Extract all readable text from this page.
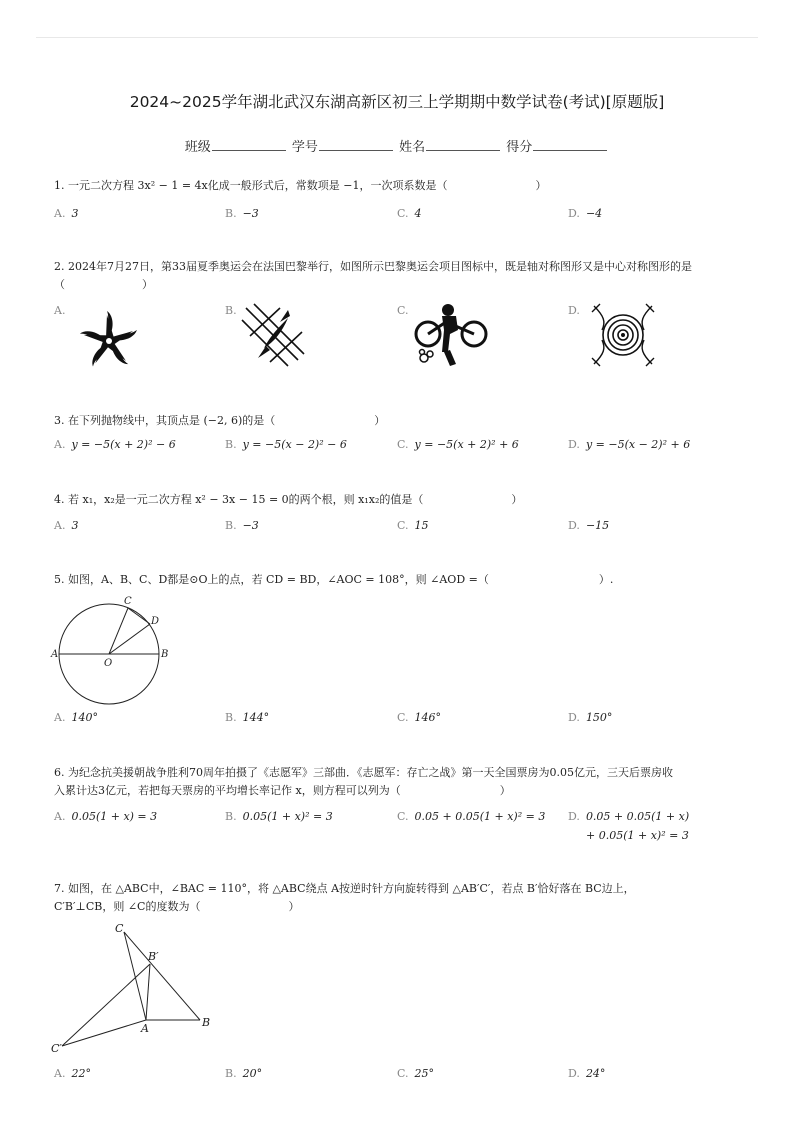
2024~2025学年湖北武汉东湖高新区初三上学期期中数学试卷(考试)[原题版]
班级	学号	姓名	得分
1. 一元二次方程 3x² − 1 = 4x化成一般形式后，常数项是 −1，一次项系数是（　　　　　　　　）
A. 3	B. −3	C. 4	D. −4
2. 2024年7月27日，第33届夏季奥运会在法国巴黎举行，如图所示巴黎奥运会项目图标中，既是轴对称图形又是中心对称图形的是
（　　　　　　　）
A.	B.	C.	D.
3. 在下列抛物线中，其顶点是 (−2, 6)的是（　　　　　　　　　）
A. y = −5(x + 2)² − 6	B. y = −5(x − 2)² − 6	C. y = −5(x + 2)² + 6	D. y = −5(x − 2)² + 6
4. 若 x₁，x₂是一元二次方程 x² − 3x − 15 = 0的两个根，则 x₁x₂的值是（　　　　　　　　）
A. 3	B. −3	C. 15	D. −15
5. 如图，A、B、C、D都是⊙O上的点，若 CD = BD，∠AOC = 108°，则 ∠AOD =（　　　　　　　　　　）.
A	B
C
D
O
A. 140°	B. 144°	C. 146°	D. 150°
6. 为纪念抗美援朝战争胜利70周年拍摄了《志愿军》三部曲．《志愿军：存亡之战》第一天全国票房为0.05亿元，三天后票房收
入累计达3亿元，若把每天票房的平均增长率记作 x，则方程可以列为（　　　　　　　　　）
A. 0.05(1 + x) = 3	B. 0.05(1 + x)² = 3	C. 0.05 + 0.05(1 + x)² = 3 D. 0.05 + 0.05(1 + x)
+ 0.05(1 + x)² = 3
7. 如图，在 △ABC中，∠BAC = 110°，将 △ABC绕点 A按逆时针方向旋转得到 △AB′C′，若点 B′恰好落在 BC边上，
C′B′⊥CB，则 ∠C的度数为（　　　　　　　　）
C
B′
A	B
C′
A. 22°	B. 20°	C. 25°	D. 24°
